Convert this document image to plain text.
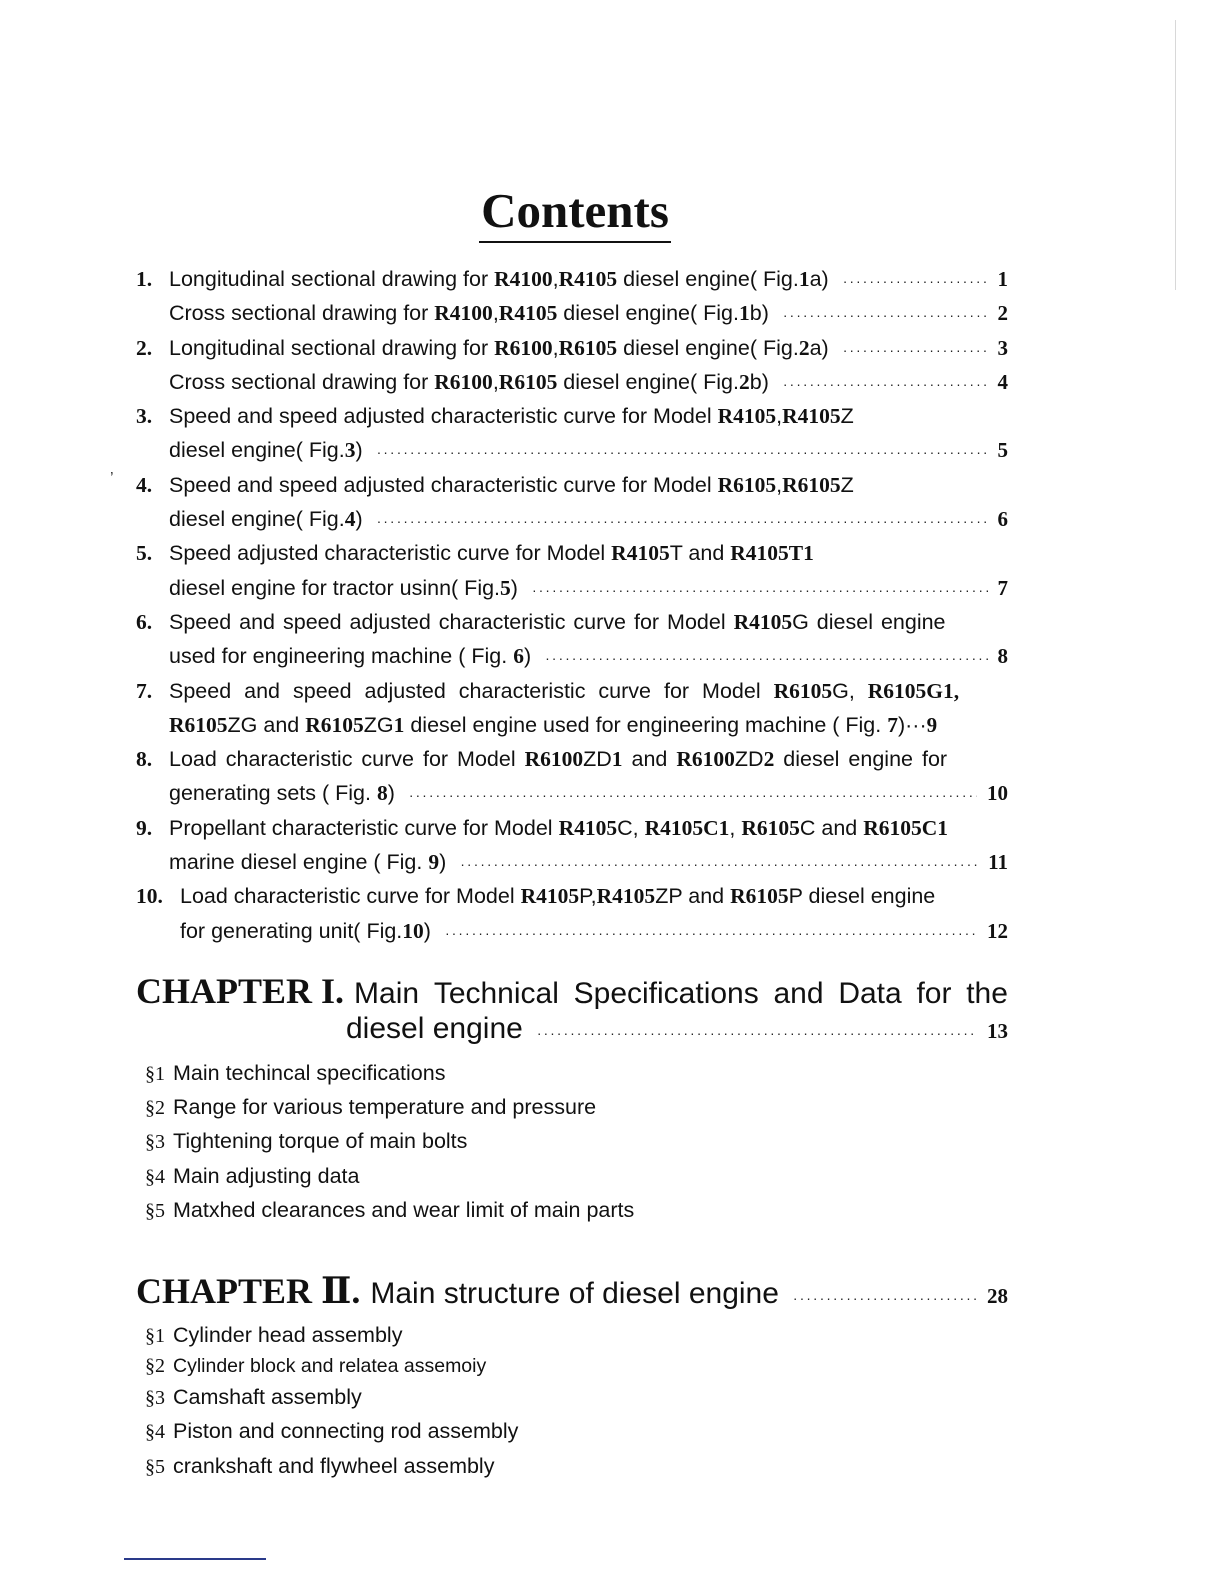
’
Contents
1. Longitudinal sectional drawing for R4100,R4105 diesel engine( Fig.1a) ·····	1
Cross sectional drawing for R4100,R4105 diesel engine( Fig.1b) ·····	2
2. Longitudinal sectional drawing for R6100,R6105 diesel engine( Fig.2a) ·····	3
Cross sectional drawing for R6100,R6105 diesel engine( Fig.2b) ·····	4
3. Speed and speed adjusted characteristic curve for Model R4105,R4105Z
diesel engine( Fig.3) ·····	5
4. Speed and speed adjusted characteristic curve for Model R6105,R6105Z
diesel engine( Fig.4) ·····	6
5. Speed adjusted characteristic curve for Model R4105T and R4105T1
diesel engine for tractor usinn( Fig.5) ·····	7
6. Speed and speed adjusted characteristic curve for Model R4105G diesel engine
used for engineering machine ( Fig. 6) ·····	8
7. Speed and speed adjusted characteristic curve for Model R6105G, R6105G1,
R6105ZG and R6105ZG1 diesel engine used for engineering machine ( Fig. 7)··· 9
8. Load characteristic curve for Model R6100ZD1 and R6100ZD2 diesel engine for
generating sets ( Fig. 8) ·····	10
9. Propellant characteristic curve for Model R4105C, R4105C1, R6105C and R6105C1
marine diesel engine ( Fig. 9) ·····	11
10. Load characteristic curve for Model R4105P,R4105ZP and R6105P diesel engine
for generating unit( Fig.10) ·····	12
CHAPTER I. Main Technical Specifications and Data for the
diesel engine ·····	13
§1 Main techincal specifications
§2 Range for various temperature and pressure
§3 Tightening torque of main bolts
§4 Main adjusting data
§5 Matxhed clearances and wear limit of main parts
CHAPTER Ⅱ. Main structure of diesel engine ·····	28
§1 Cylinder head assembly
§2 Cylinder block and relatea assemoiy
§3 Camshaft assembly
§4 Piston and connecting rod assembly
§5 crankshaft and flywheel assembly
